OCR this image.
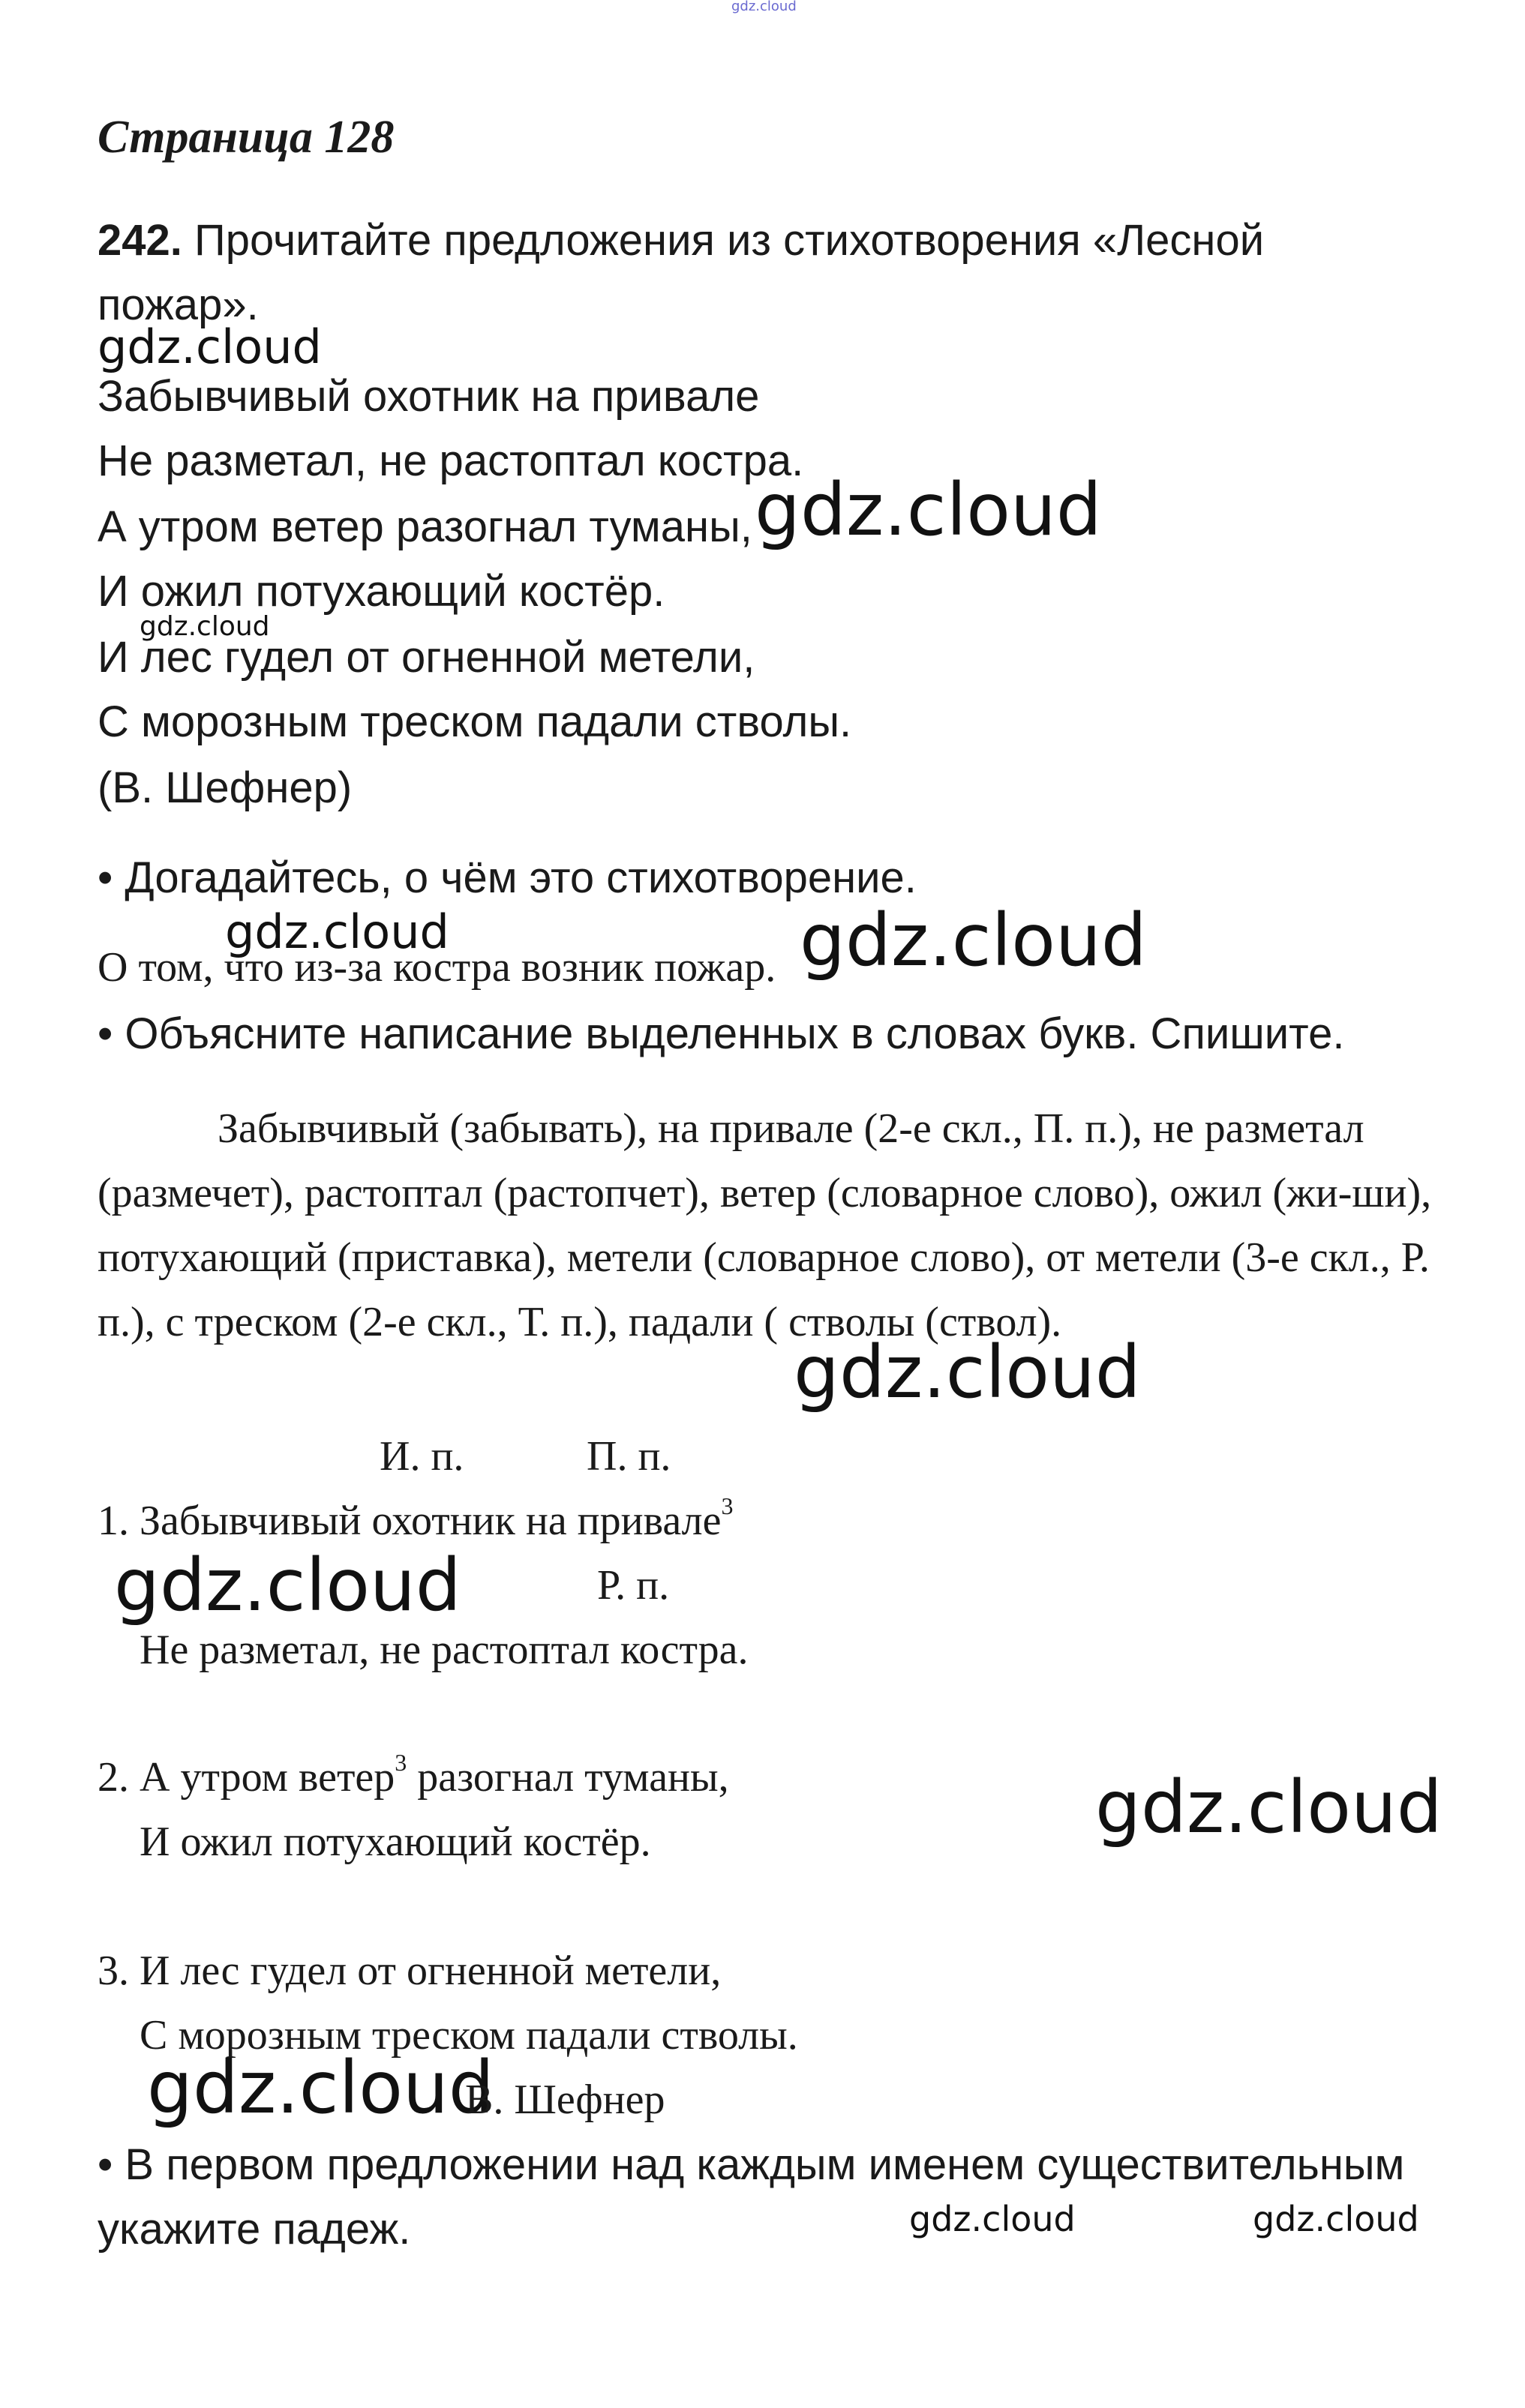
gdz.cloud
Страница 128
242. Прочитайте предложения из стихотворения «Лесной
пожар».
gdz.cloud
Забывчивый охотник на привале
Не разметал, не растоптал костра.
А утром ветер разогнал туманы, gdz.cloud
И ожил потухающий костёр.
gdz.cloud
И лес гудел от огненной метели,
С морозным треском падали стволы.
(В. Шефнер)
• Догадайтесь, о чём это стихотворение.
gdz.cloud
О том, что из-за костра возник пожар. gdz.cloud
• Объясните написание выделенных в словах букв. Спишите.
Забывчивый (забывать), на привале (2-е скл., П. п.), не разметал (размечет), растоптал (растопчет), ветер (словарное слово), ожил (жи-ши), потухающий (приставка), метели (словарное слово), от метели (3-е скл., Р. п.), с треском (2-е скл., Т. п.), падали ( стволы (ствол).
gdz.cloud
И. п.	П. п.
1. Забывчивый охотник на привале$^3$
gdz.cloud	Р. п.
Не разметал, не растоптал костра.
2. А утром ветер$^3$ разогнал туманы,	gdz.cloud
И ожил потухающий костёр.
3. И лес гудел от огненной метели,
С морозным треском падали стволы.
gdz.cloud
В. Шефнер
• В первом предложении над каждым именем существительным
укажите падеж.	gdz.cloud	gdz.cloud
